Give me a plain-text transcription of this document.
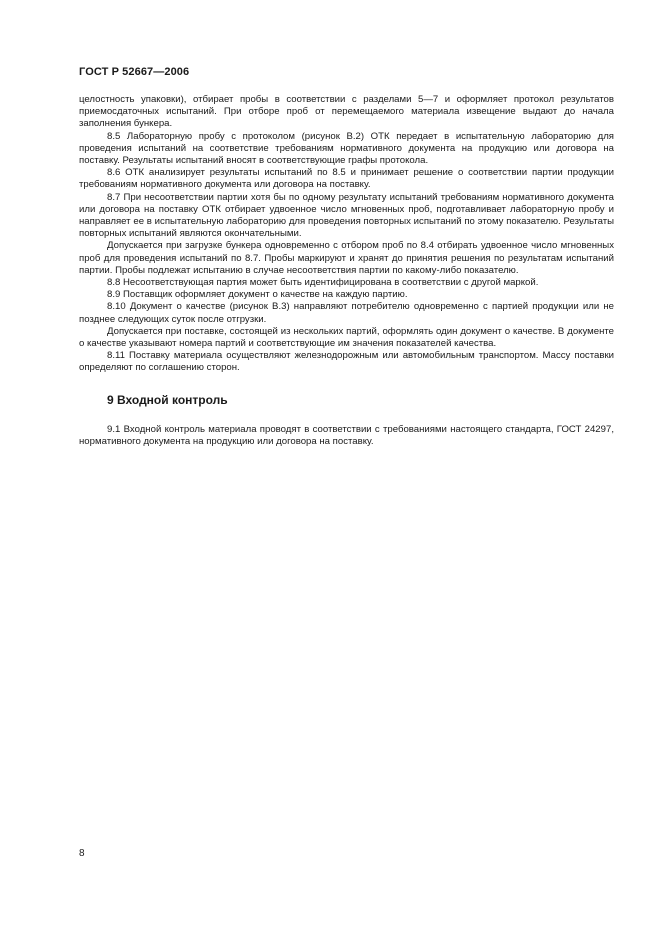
ГОСТ Р 52667—2006

целостность упаковки), отбирает пробы в соответствии с разделами 5—7 и оформляет протокол результатов приемосдаточных испытаний. При отборе проб от перемещаемого материала извещение выдают до начала заполнения бункера.

8.5 Лабораторную пробу с протоколом (рисунок В.2) ОТК передает в испытательную лабораторию для проведения испытаний на соответствие требованиям нормативного документа на продукцию или договора на поставку. Результаты испытаний вносят в соответствующие графы протокола.

8.6 ОТК анализирует результаты испытаний по 8.5 и принимает решение о соответствии партии продукции требованиям нормативного документа или договора на поставку.

8.7 При несоответствии партии хотя бы по одному результату испытаний требованиям нормативного документа или договора на поставку ОТК отбирает удвоенное число мгновенных проб, подготавливает лабораторную пробу и направляет ее в испытательную лабораторию для проведения повторных испытаний по этому показателю. Результаты повторных испытаний являются окончательными.

Допускается при загрузке бункера одновременно с отбором проб по 8.4 отбирать удвоенное число мгновенных проб для проведения испытаний по 8.7. Пробы маркируют и хранят до принятия решения по результатам испытаний партии. Пробы подлежат испытанию в случае несоответствия партии по какому-либо показателю.

8.8 Несоответствующая партия может быть идентифицирована в соответствии с другой маркой.

8.9 Поставщик оформляет документ о качестве на каждую партию.

8.10 Документ о качестве (рисунок В.3) направляют потребителю одновременно с партией продукции или не позднее следующих суток после отгрузки.

Допускается при поставке, состоящей из нескольких партий, оформлять один документ о качестве. В документе о качестве указывают номера партий и соответствующие им значения показателей качества.

8.11 Поставку материала осуществляют железнодорожным или автомобильным транспортом. Массу поставки определяют по соглашению сторон.

9 Входной контроль

9.1 Входной контроль материала проводят в соответствии с требованиями настоящего стандарта, ГОСТ 24297, нормативного документа на продукцию или договора на поставку.

8
